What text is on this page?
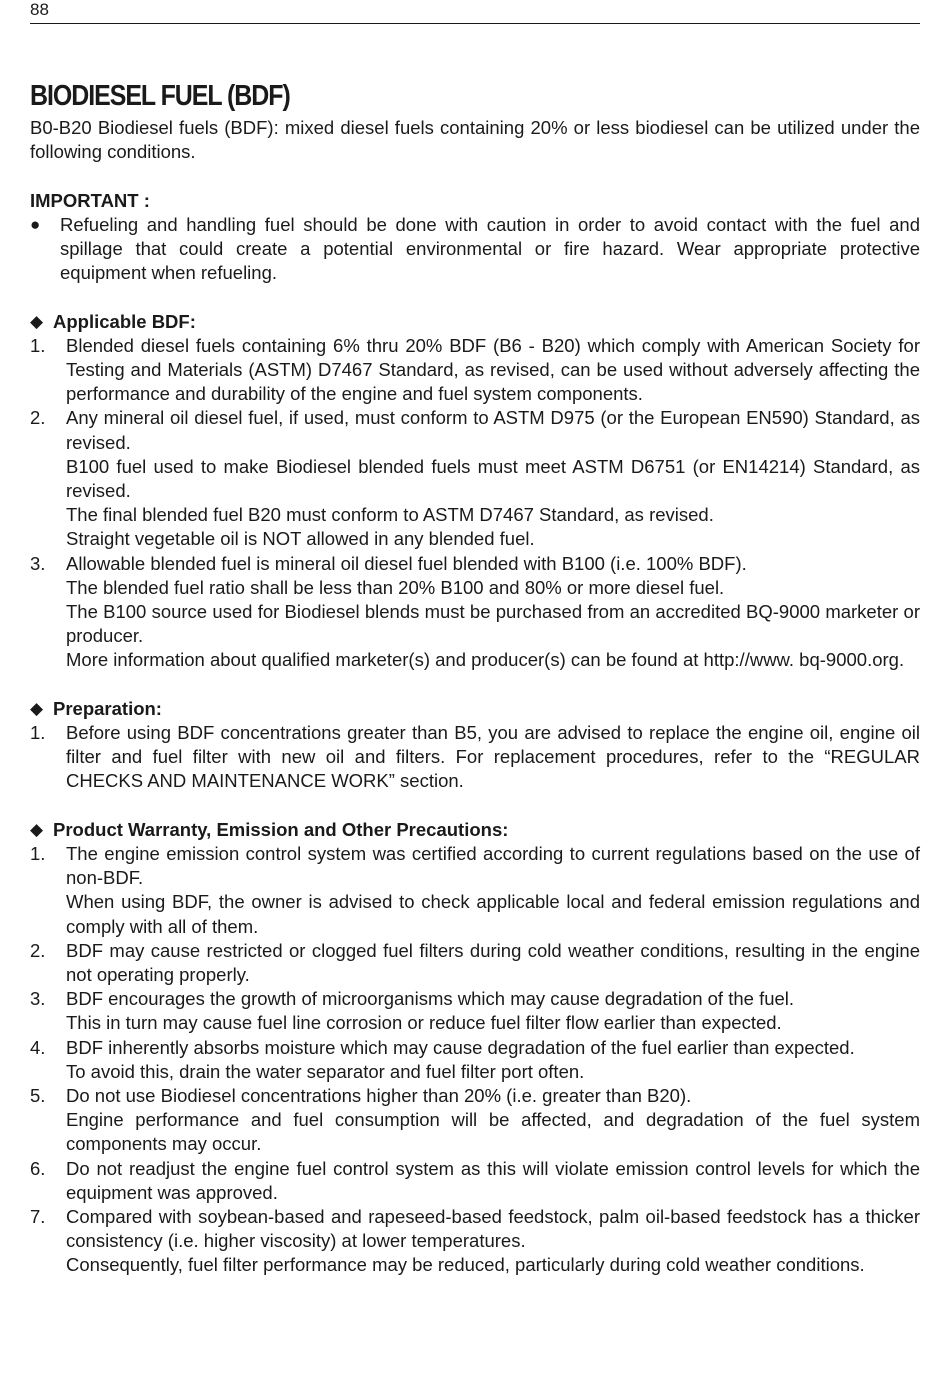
88
BIODIESEL FUEL (BDF)

B0-B20 Biodiesel fuels (BDF): mixed diesel fuels containing 20% or less biodiesel can be utilized under the following conditions.

IMPORTANT :

●	Refueling and handling fuel should be done with caution in order to avoid contact with the fuel and spillage that could create a potential environmental or fire hazard. Wear appropriate protective equipment when refueling.

◆ Applicable BDF:

1.	Blended diesel fuels containing 6% thru 20% BDF (B6 - B20) which comply with American Society for Testing and Materials (ASTM) D7467 Standard, as revised, can be used without adversely affecting the performance and durability of the engine and fuel system components.
2.	Any mineral oil diesel fuel, if used, must conform to ASTM D975 (or the European EN590) Standard, as revised.
B100 fuel used to make Biodiesel blended fuels must meet ASTM D6751 (or EN14214) Standard, as revised.
The final blended fuel B20 must conform to ASTM D7467 Standard, as revised.
Straight vegetable oil is NOT allowed in any blended fuel.
3.	Allowable blended fuel is mineral oil diesel fuel blended with B100 (i.e. 100% BDF).
The blended fuel ratio shall be less than 20% B100 and 80% or more diesel fuel.
The B100 source used for Biodiesel blends must be purchased from an accredited BQ-9000 marketer or producer.
More information about qualified marketer(s) and producer(s) can be found at http://www. bq-9000.org.

◆ Preparation:

1.	Before using BDF concentrations greater than B5, you are advised to replace the engine oil, engine oil filter and fuel filter with new oil and filters. For replacement procedures, refer to the “REGULAR CHECKS AND MAINTENANCE WORK” section.

◆ Product Warranty, Emission and Other Precautions:

1.	The engine emission control system was certified according to current regulations based on the use of non-BDF.
When using BDF, the owner is advised to check applicable local and federal emission regulations and comply with all of them.
2.	BDF may cause restricted or clogged fuel filters during cold weather conditions, resulting in the engine not operating properly.
3.	BDF encourages the growth of microorganisms which may cause degradation of the fuel.
This in turn may cause fuel line corrosion or reduce fuel filter flow earlier than expected.
4.	BDF inherently absorbs moisture which may cause degradation of the fuel earlier than expected.
To avoid this, drain the water separator and fuel filter port often.
5.	Do not use Biodiesel concentrations higher than 20% (i.e. greater than B20).
Engine performance and fuel consumption will be affected, and degradation of the fuel system components may occur.
6.	Do not readjust the engine fuel control system as this will violate emission control levels for which the equipment was approved.
7.	Compared with soybean-based and rapeseed-based feedstock, palm oil-based feedstock has a thicker consistency (i.e. higher viscosity) at lower temperatures.
Consequently, fuel filter performance may be reduced, particularly during cold weather conditions.
